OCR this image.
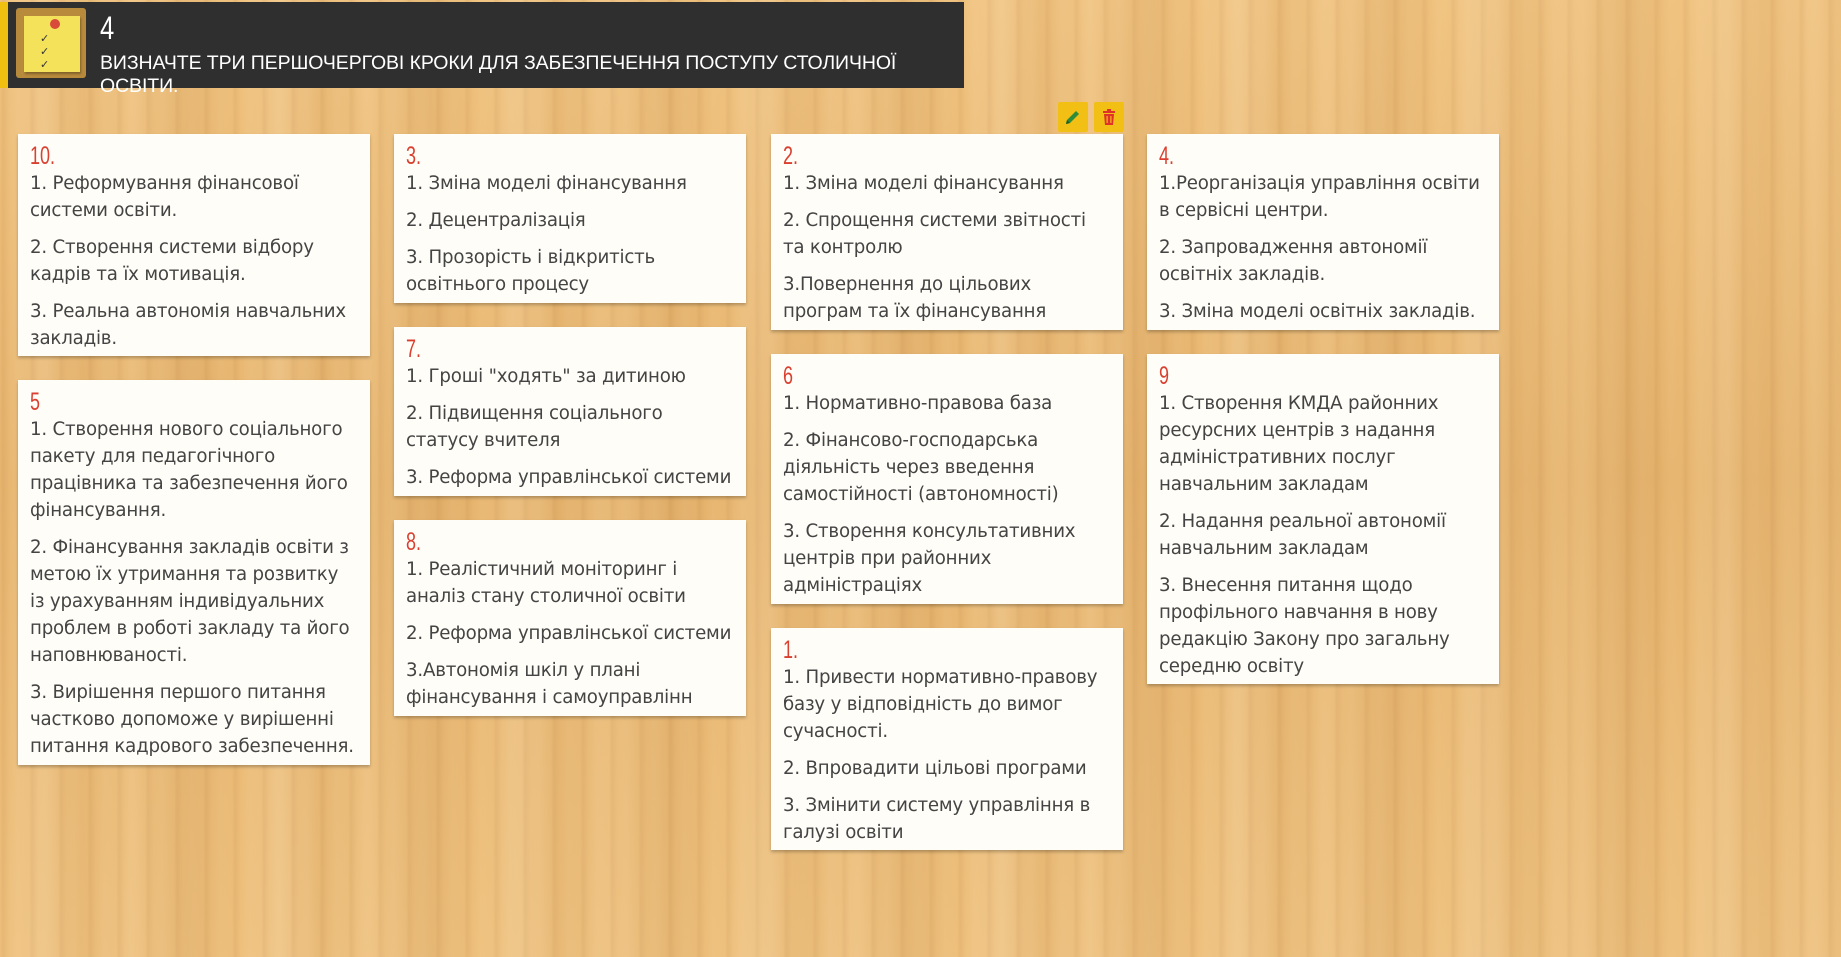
✓
✓
✓
4
ВИЗНАЧТЕ ТРИ ПЕРШОЧЕРГОВІ КРОКИ ДЛЯ ЗАБЕЗПЕЧЕННЯ ПОСТУПУ СТОЛИЧНОЇ ОСВІТИ.
10.
1. Реформування фінансової системи освіти.
2. Створення системи відбору кадрів та їх мотивація.
3. Реальна автономія навчальних закладів.
5
1. Створення нового соціального пакету для педагогічного працівника та забезпечення його фінансування.
2. Фінансування закладів освіти з метою їх утримання та розвитку із урахуванням індивідуальних проблем в роботі закладу та його наповнюваності.
3. Вирішення першого питання частково допоможе у вирішенні питання кадрового забезпечення.
3.
1. Зміна моделі фінансування
2. Децентралізація
3. Прозорість і відкритість освітнього процесу
7.
1. Гроші "ходять" за дитиною
2. Підвищення соціального статусу вчителя
3. Реформа управлінської системи
8.
1. Реалістичний моніторинг і аналіз стану столичної освіти
2. Реформа управлінської системи
3.Автономія шкіл у плані фінансування і самоуправлінн
2.
1. Зміна моделі фінансування
2. Спрощення системи звітності та контролю
3.Повернення до цільових програм та їх фінансування
6
1. Нормативно-правова база
2. Фінансово-господарська діяльність через введення самостійності (автономності)
3. Створення консультативних центрів при районних адміністраціях
1.
1. Привести нормативно-правову базу у відповідність до вимог сучасності.
2. Впровадити цільові програми
3. Змінити систему управління в галузі освіти
4.
1.Реорганізація управління освіти в сервісні центри.
2. Запровадження автономії освітніх закладів.
3. Зміна моделі освітніх закладів.
9
1. Створення КМДА районних ресурсних центрів з надання адміністративних послуг навчальним закладам
2. Надання реальної автономії навчальним закладам
3. Внесення питання щодо профільного навчання в нову редакцію Закону про загальну середню освіту
